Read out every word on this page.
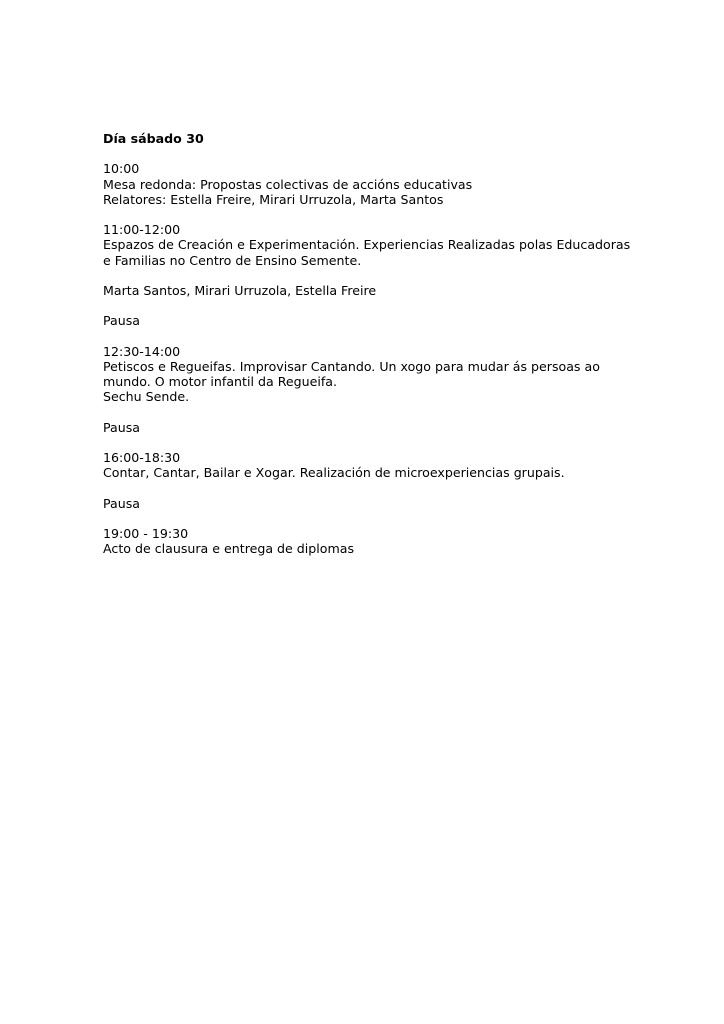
Día sábado 30
10:00
Mesa redonda: Propostas colectivas de accións educativas
Relatores: Estella Freire, Mirari Urruzola, Marta Santos
11:00-12:00
Espazos de Creación e Experimentación. Experiencias Realizadas polas Educadoras
e Familias no Centro de Ensino Semente.
Marta Santos, Mirari Urruzola, Estella Freire
Pausa
12:30-14:00
Petiscos e Regueifas. Improvisar Cantando. Un xogo para mudar ás persoas ao
mundo. O motor infantil da Regueifa.
Sechu Sende.
Pausa
16:00-18:30
Contar, Cantar, Bailar e Xogar. Realización de microexperiencias grupais.
Pausa
19:00 - 19:30
Acto de clausura e entrega de diplomas
